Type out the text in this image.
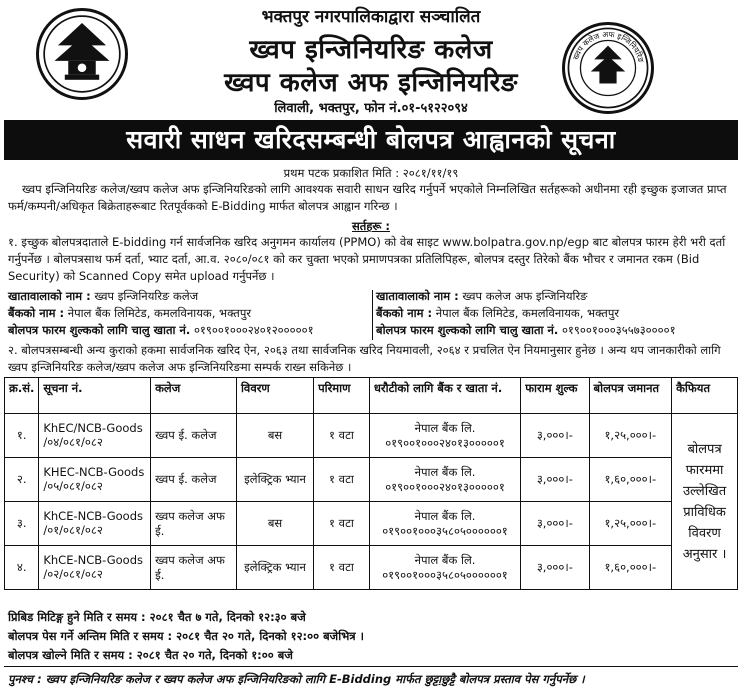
भक्तपुर नगरपालिकाद्वारा सञ्चालित
ख्वप इन्जिनियरिङ कलेज
ख्वप कलेज अफ इन्जिनियरिङ
लिवाली, भक्तपुर, फोन नं.०१-५१२२०९४
ख्वप कलेज अफ इन्जिनियरिङ
सवारी साधन खरिदसम्बन्धी बोलपत्र आह्वानको सूचना
प्रथम पटक प्रकाशित मिति : २०८१/११/१९
ख्वप इन्जिनियरिङ कलेज/ख्वप कलेज अफ इन्जिनियरिङको लागि आवश्यक सवारी साधन खरिद गर्नुपर्ने भएकोले निम्नलिखित सर्तहरूको अधीनमा रही इच्छुक इजाजत प्राप्त फर्म/कम्पनी/अधिकृत बिक्रेताहरूबाट रितपूर्वकको E-Bidding मार्फत बोलपत्र आह्वान गरिन्छ ।
सर्तहरू :
१. इच्छुक बोलपत्रदाताले E-bidding गर्न सार्वजनिक खरिद अनुगमन कार्यालय (PPMO) को वेब साइट www.bolpatra.gov.np/egp बाट बोलपत्र फारम हेरी भरी दर्ता गर्नुपर्नेछ । बोलपत्रसाथ फर्म दर्ता, भ्याट दर्ता, आ.व. २०८०/०८१ को कर चुक्ता भएको प्रमाणपत्रका प्रतिलिपिहरू, बोलपत्र दस्तुर तिरेको बैंक भौचर र जमानत रकम (Bid Security) को Scanned Copy समेत upload गर्नुपर्नेछ ।
खातावालाको नाम : ख्वप इन्जिनियरिङ कलेज
बैंकको नाम : नेपाल बैंक लिमिटेड, कमलविनायक, भक्तपुर
बोलपत्र फारम शुल्कको लागि चालु खाता नं. ०१९००१०००२४०१२०००००१
खातावालाको नाम : ख्वप कलेज अफ इन्जिनियरिङ
बैंकको नाम : नेपाल बैंक लिमिटेड, कमलविनायक, भक्तपुर
बोलपत्र फारम शुल्कको लागि चालु खाता नं. ०१९००१०००३५५७३००००१
२. बोलपत्रसम्बन्धी अन्य कुराको हकमा सार्वजनिक खरिद ऐन, २०६३ तथा सार्वजनिक खरिद नियमावली, २०६४ र प्रचलित ऐन नियमानुसार हुनेछ । अन्य थप जानकारीको लागि ख्वप इन्जिनियरिङ कलेज/ख्वप कलेज अफ इन्जिनियरिङमा सम्पर्क राख्न सकिनेछ ।
क्र.सं.	सूचना नं.	कलेज	विवरण	परिमाण	धरौटीको लागि बैंक र खाता नं.	फाराम शुल्क	बोलपत्र जमानत	कैफियत
१.	KhEC/NCB-Goods /०४/०८१/०८२	ख्वप ई. कलेज	बस	१ वटा	नेपाल बैंक लि.
०१९००१०००२४०१३०००००१	३,०००।-	१,२५,०००।-	बोलपत्र फारममा उल्लेखित प्राविधिक विवरण अनुसार ।
२.	KHEC-NCB-Goods /०५/०८१/०८२	ख्वप ई. कलेज	इलेक्ट्रिक भ्यान	१ वटा	नेपाल बैंक लि.
०१९००१०००२४०१३०००००१	३,०००।-	१,६०,०००।-	
३.	KhCE-NCB-Goods /०१/०८१/०८२	ख्वप कलेज अफ ई.	बस	१ वटा	नेपाल बैंक लि.
०१९००१०००३५८०५००००००१	३,०००।-	१,२५,०००।-	
४.	KhCE-NCB-Goods /०२/०८१/०८२	ख्वप कलेज अफ ई.	इलेक्ट्रिक भ्यान	१ वटा	नेपाल बैंक लि.
०१९००१०००३५८०५००००००१	३,०००।-	१,६०,०००।-	
प्रिबिड मिटिङ्ग हुने मिति र समय : २०८१ चैत ७ गते, दिनको १२:३० बजे
बोलपत्र पेस गर्ने अन्तिम मिति र समय : २०८१ चैत २० गते, दिनको १२:०० बजेभित्र ।
बोलपत्र खोल्ने मिति र समय : २०८१ चैत २० गते, दिनको १:०० बजे
पुनश्च : ख्वप इन्जिनियरिङ कलेज र ख्वप कलेज अफ इन्जिनियरिङको लागि E-Bidding मार्फत छुट्टाछुट्टै बोलपत्र प्रस्ताव पेस गर्नुपर्नेछ ।
